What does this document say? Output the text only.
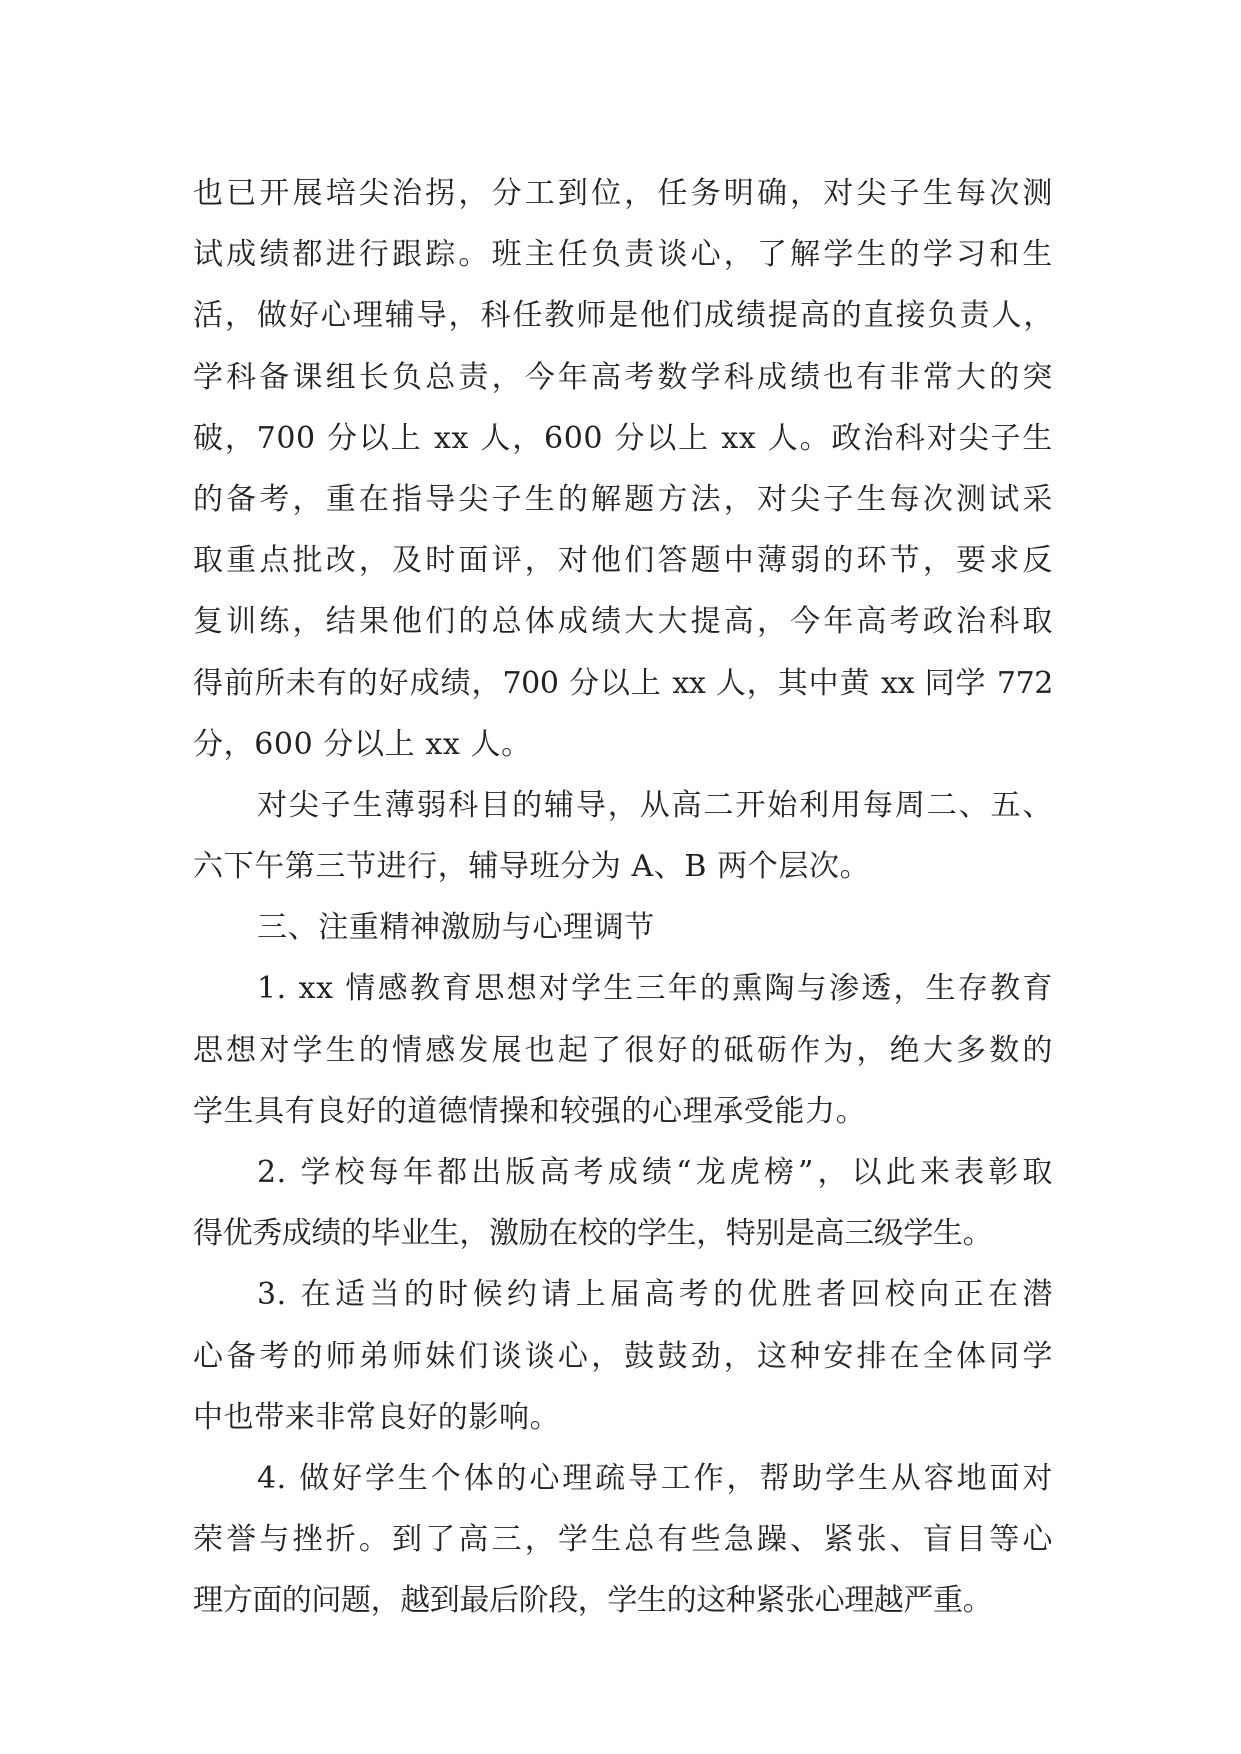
也已开展培尖治拐，分工到位，任务明确，对尖子生每次测
试成绩都进行跟踪。班主任负责谈心，了解学生的学习和生
活，做好心理辅导，科任教师是他们成绩提高的直接负责人，
学科备课组长负总责，今年高考数学科成绩也有非常大的突
破，700 分以上 xx 人，600 分以上 xx 人。政治科对尖子生
的备考，重在指导尖子生的解题方法，对尖子生每次测试采
取重点批改，及时面评，对他们答题中薄弱的环节，要求反
复训练，结果他们的总体成绩大大提高，今年高考政治科取
得前所未有的好成绩，700 分以上 xx 人，其中黄 xx 同学 772
分，600 分以上 xx 人。
对尖子生薄弱科目的辅导，从高二开始利用每周二、五、
六下午第三节进行，辅导班分为 A、B 两个层次。
三、注重精神激励与心理调节
1. xx 情感教育思想对学生三年的熏陶与渗透，生存教育
思想对学生的情感发展也起了很好的砥砺作为，绝大多数的
学生具有良好的道德情操和较强的心理承受能力。
2. 学校每年都出版高考成绩“龙虎榜”，以此来表彰取
得优秀成绩的毕业生，激励在校的学生，特别是高三级学生。
3. 在适当的时候约请上届高考的优胜者回校向正在潜
心备考的师弟师妹们谈谈心，鼓鼓劲，这种安排在全体同学
中也带来非常良好的影响。
4. 做好学生个体的心理疏导工作，帮助学生从容地面对
荣誉与挫折。到了高三，学生总有些急躁、紧张、盲目等心
理方面的问题，越到最后阶段，学生的这种紧张心理越严重。
